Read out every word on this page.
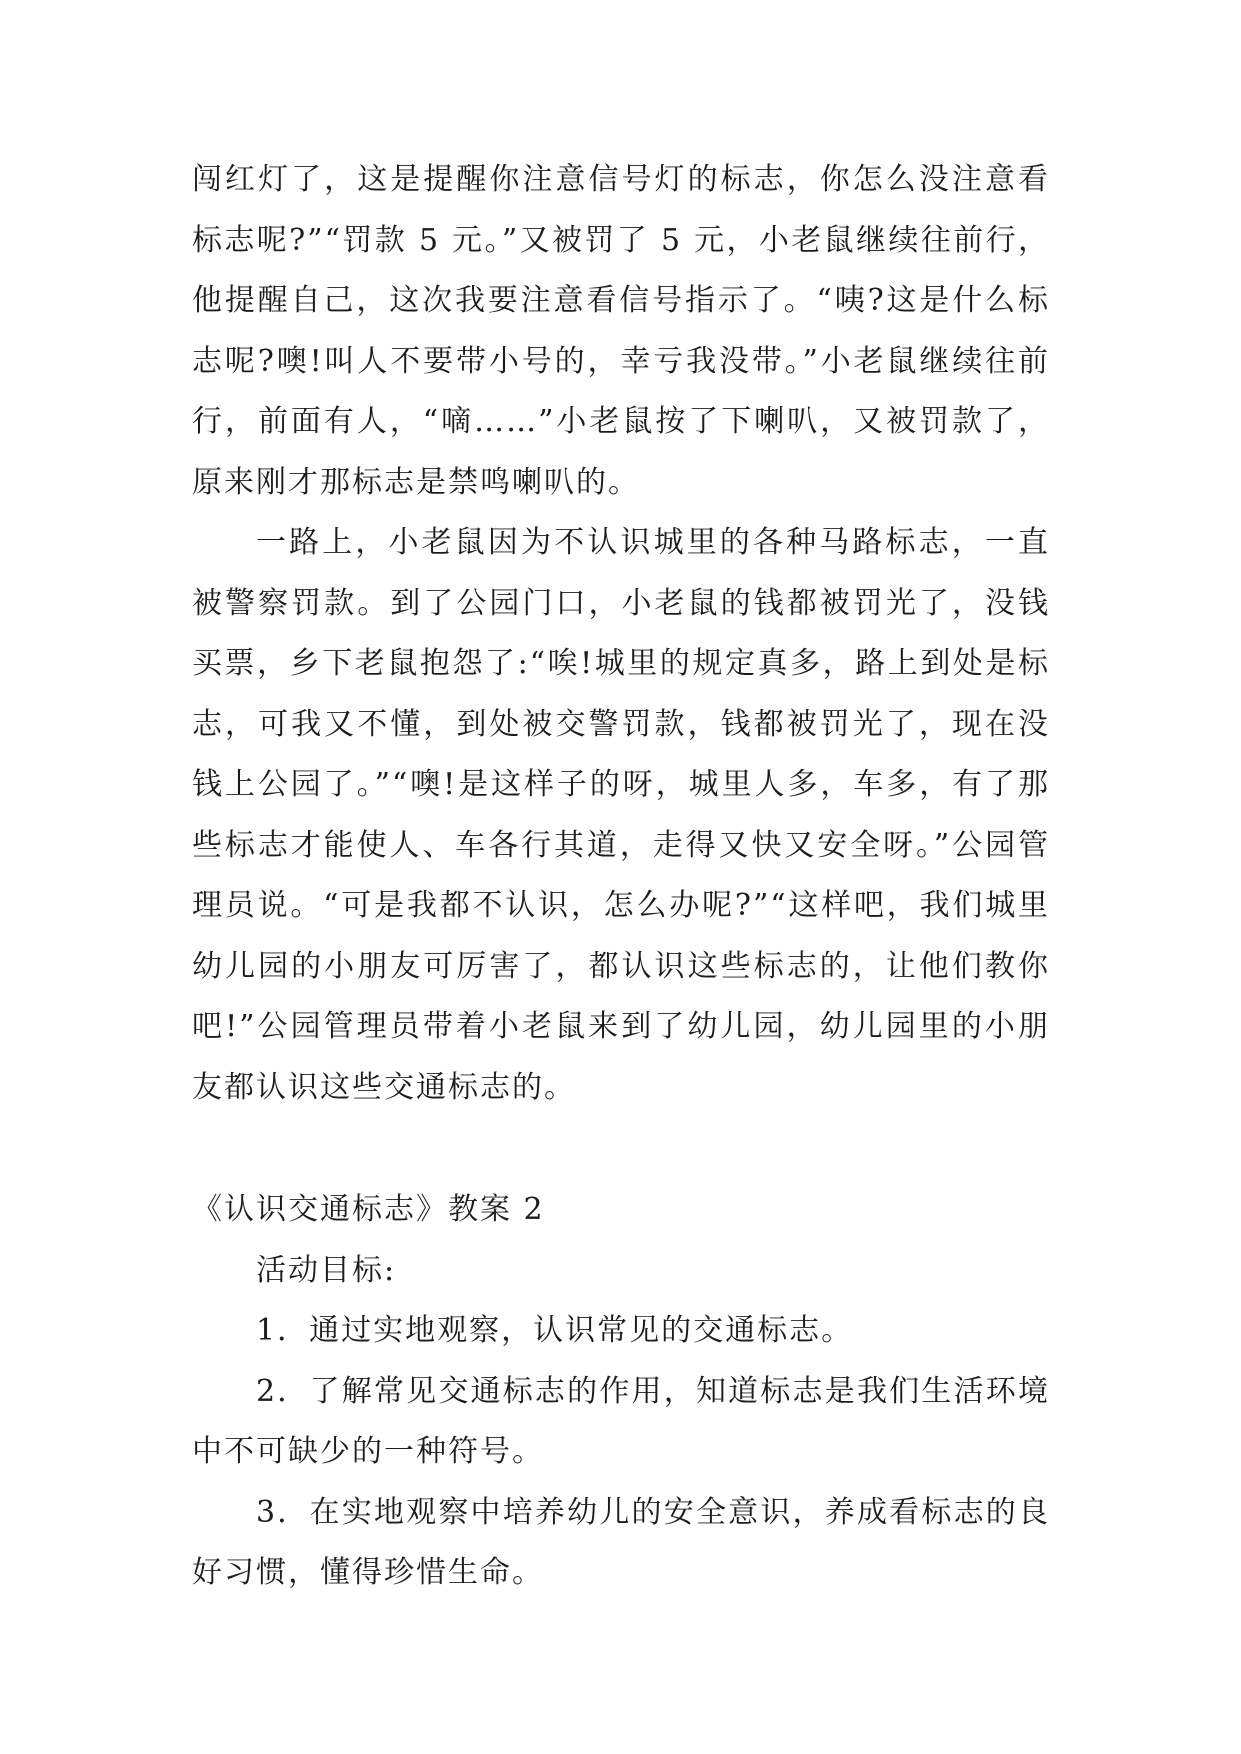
闯红灯了，这是提醒你注意信号灯的标志，你怎么没注意看标志呢?”“罚款 5 元。”又被罚了 5 元，小老鼠继续往前行，他提醒自己，这次我要注意看信号指示了。“咦?这是什么标志呢?噢!叫人不要带小号的，幸亏我没带。”小老鼠继续往前行，前面有人，“嘀……”小老鼠按了下喇叭，又被罚款了，原来刚才那标志是禁鸣喇叭的。

一路上，小老鼠因为不认识城里的各种马路标志，一直被警察罚款。到了公园门口，小老鼠的钱都被罚光了，没钱买票，乡下老鼠抱怨了:“唉!城里的规定真多，路上到处是标志，可我又不懂，到处被交警罚款，钱都被罚光了，现在没钱上公园了。”“噢!是这样子的呀，城里人多，车多，有了那些标志才能使人、车各行其道，走得又快又安全呀。”公园管理员说。“可是我都不认识，怎么办呢?”“这样吧，我们城里幼儿园的小朋友可厉害了，都认识这些标志的，让他们教你吧!”公园管理员带着小老鼠来到了幼儿园，幼儿园里的小朋友都认识这些交通标志的。

《认识交通标志》教案 2

活动目标:

1．通过实地观察，认识常见的交通标志。

2．了解常见交通标志的作用，知道标志是我们生活环境中不可缺少的一种符号。

3．在实地观察中培养幼儿的安全意识，养成看标志的良好习惯，懂得珍惜生命。
